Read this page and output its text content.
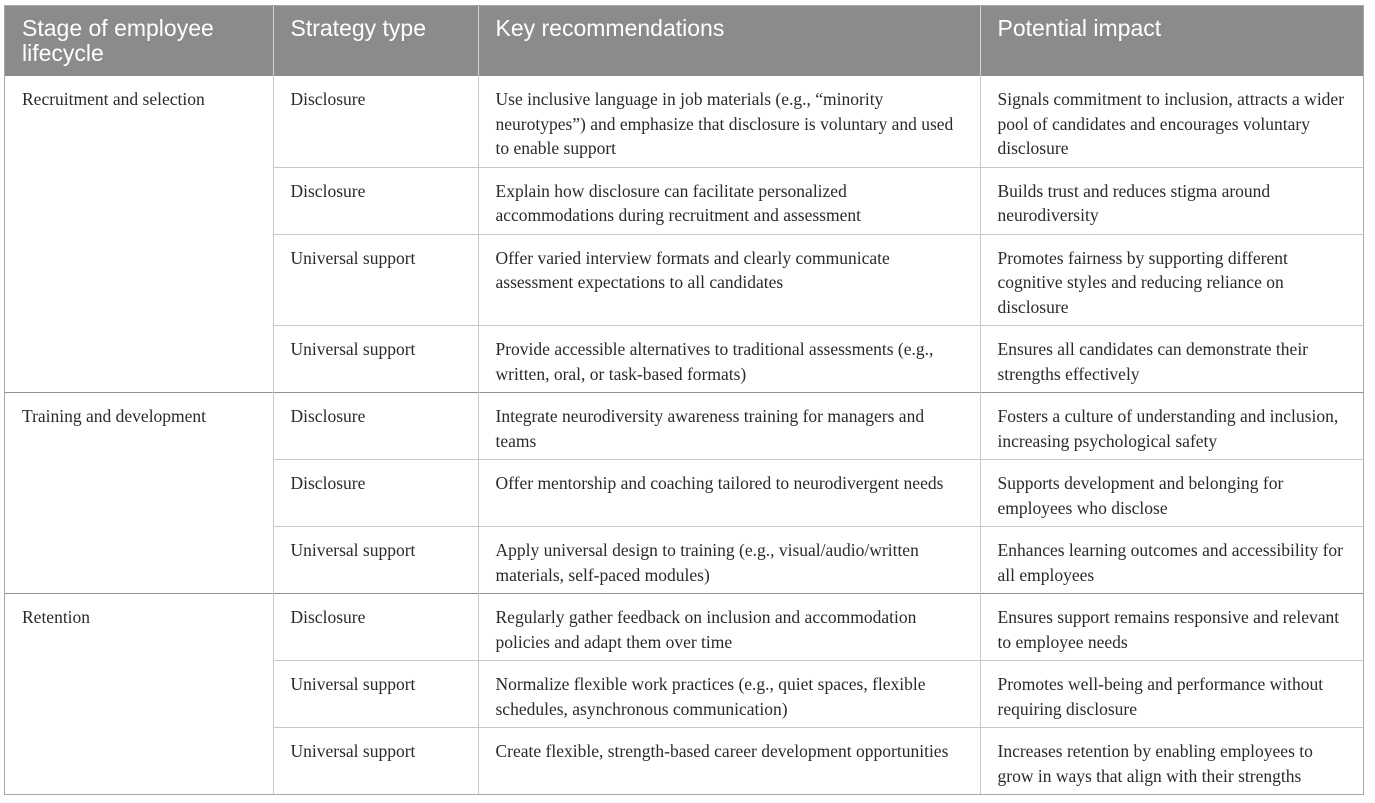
Stage of employee lifecycle	Strategy type	Key recommendations	Potential impact
Recruitment and selection	Disclosure	Use inclusive language in job materials (e.g., “minority neurotypes”) and emphasize that disclosure is voluntary and used to enable support	Signals commitment to inclusion, attracts a wider pool of candidates and encourages voluntary disclosure
	Disclosure	Explain how disclosure can facilitate personalized accommodations during recruitment and assessment	Builds trust and reduces stigma around neurodiversity
	Universal support	Offer varied interview formats and clearly communicate assessment expectations to all candidates	Promotes fairness by supporting different cognitive styles and reducing reliance on disclosure
	Universal support	Provide accessible alternatives to traditional assessments (e.g., written, oral, or task-based formats)	Ensures all candidates can demonstrate their strengths effectively
Training and development	Disclosure	Integrate neurodiversity awareness training for managers and teams	Fosters a culture of understanding and inclusion, increasing psychological safety
	Disclosure	Offer mentorship and coaching tailored to neurodivergent needs	Supports development and belonging for employees who disclose
	Universal support	Apply universal design to training (e.g., visual/audio/written materials, self-paced modules)	Enhances learning outcomes and accessibility for all employees
Retention	Disclosure	Regularly gather feedback on inclusion and accommodation policies and adapt them over time	Ensures support remains responsive and relevant to employee needs
	Universal support	Normalize flexible work practices (e.g., quiet spaces, flexible schedules, asynchronous communication)	Promotes well-being and performance without requiring disclosure
	Universal support	Create flexible, strength-based career development opportunities	Increases retention by enabling employees to grow in ways that align with their strengths
